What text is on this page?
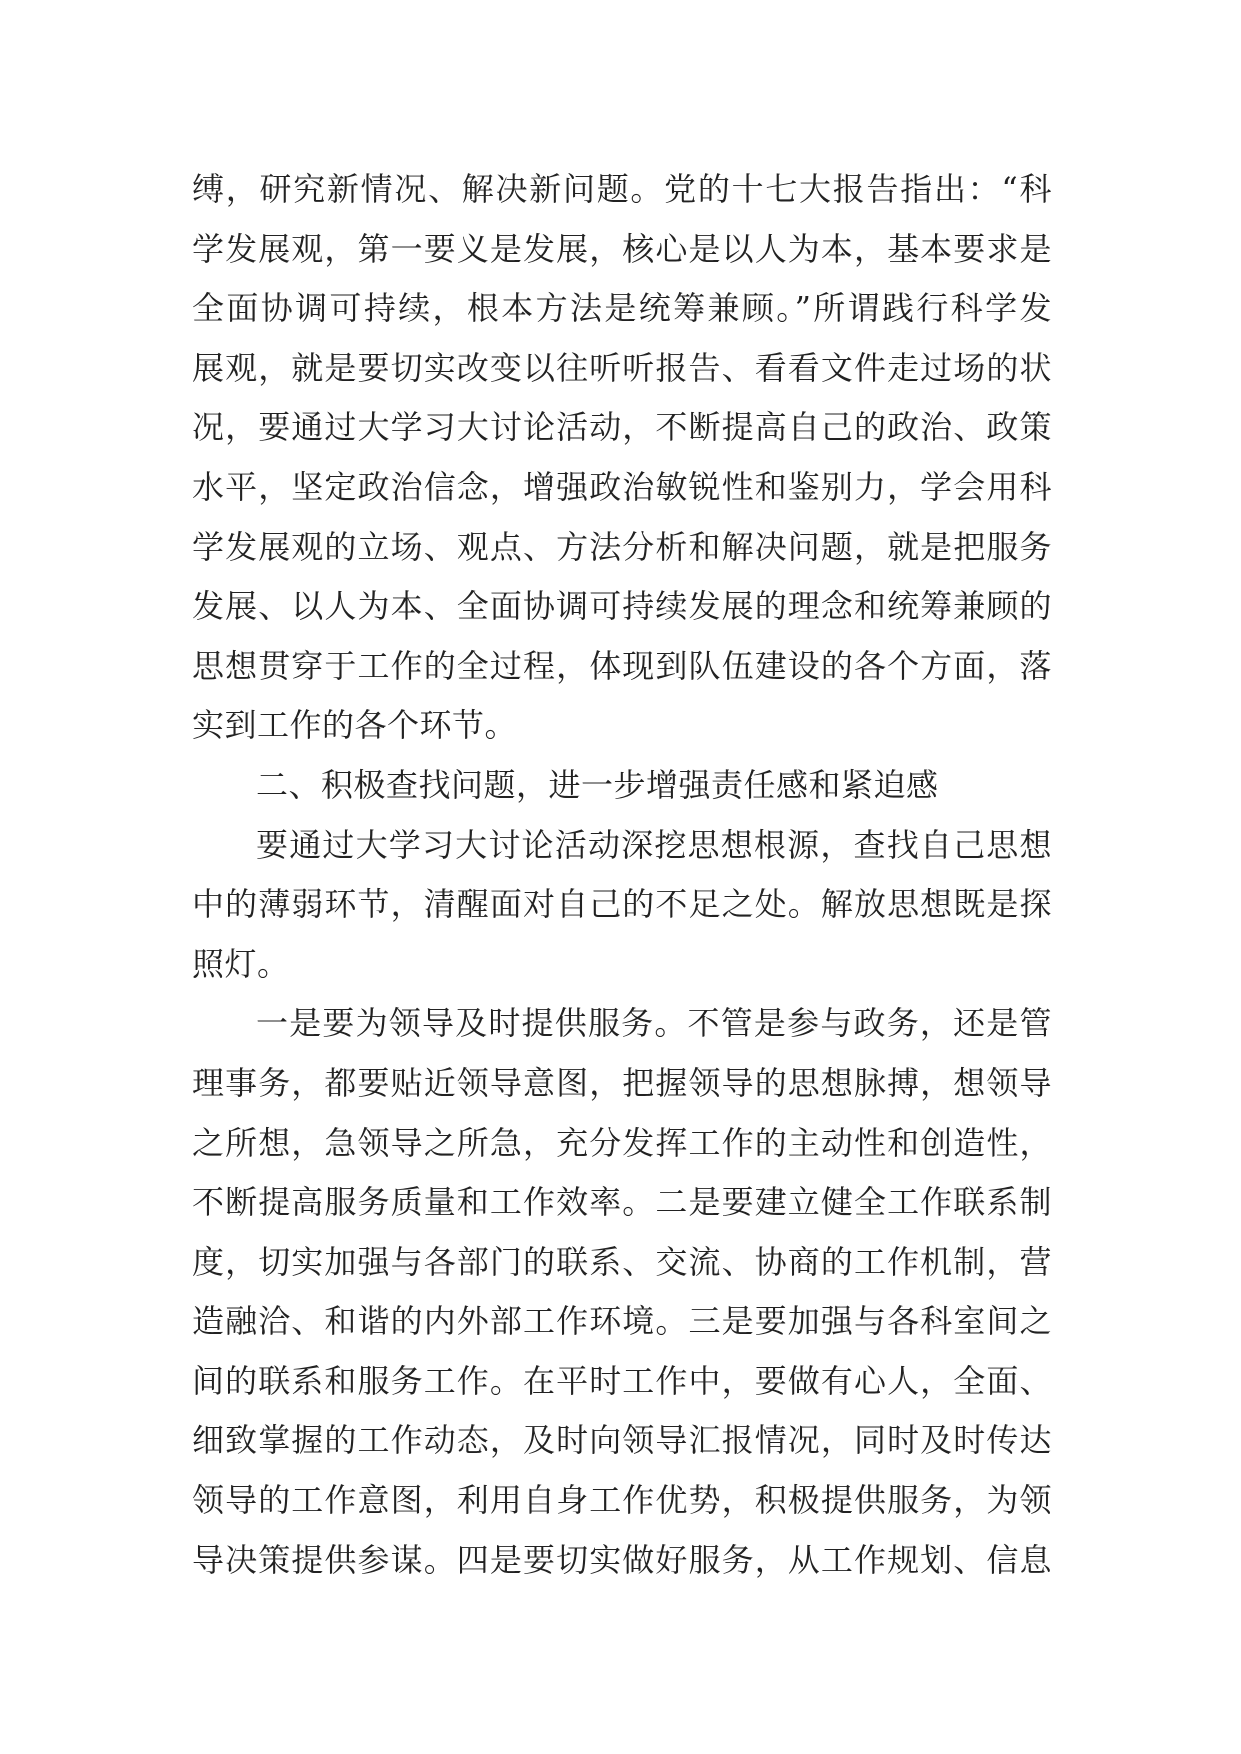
缚，研究新情况、解决新问题。党的十七大报告指出：“科
学发展观，第一要义是发展，核心是以人为本，基本要求是
全面协调可持续，根本方法是统筹兼顾。”所谓践行科学发
展观，就是要切实改变以往听听报告、看看文件走过场的状
况，要通过大学习大讨论活动，不断提高自己的政治、政策
水平，坚定政治信念，增强政治敏锐性和鉴别力，学会用科
学发展观的立场、观点、方法分析和解决问题，就是把服务
发展、以人为本、全面协调可持续发展的理念和统筹兼顾的
思想贯穿于工作的全过程，体现到队伍建设的各个方面，落
实到工作的各个环节。
二、积极查找问题，进一步增强责任感和紧迫感
要通过大学习大讨论活动深挖思想根源，查找自己思想
中的薄弱环节，清醒面对自己的不足之处。解放思想既是探
照灯。
一是要为领导及时提供服务。不管是参与政务，还是管
理事务，都要贴近领导意图，把握领导的思想脉搏，想领导
之所想，急领导之所急，充分发挥工作的主动性和创造性，
不断提高服务质量和工作效率。二是要建立健全工作联系制
度，切实加强与各部门的联系、交流、协商的工作机制，营
造融洽、和谐的内外部工作环境。三是要加强与各科室间之
间的联系和服务工作。在平时工作中，要做有心人，全面、
细致掌握的工作动态，及时向领导汇报情况，同时及时传达
领导的工作意图，利用自身工作优势，积极提供服务，为领
导决策提供参谋。四是要切实做好服务，从工作规划、信息
